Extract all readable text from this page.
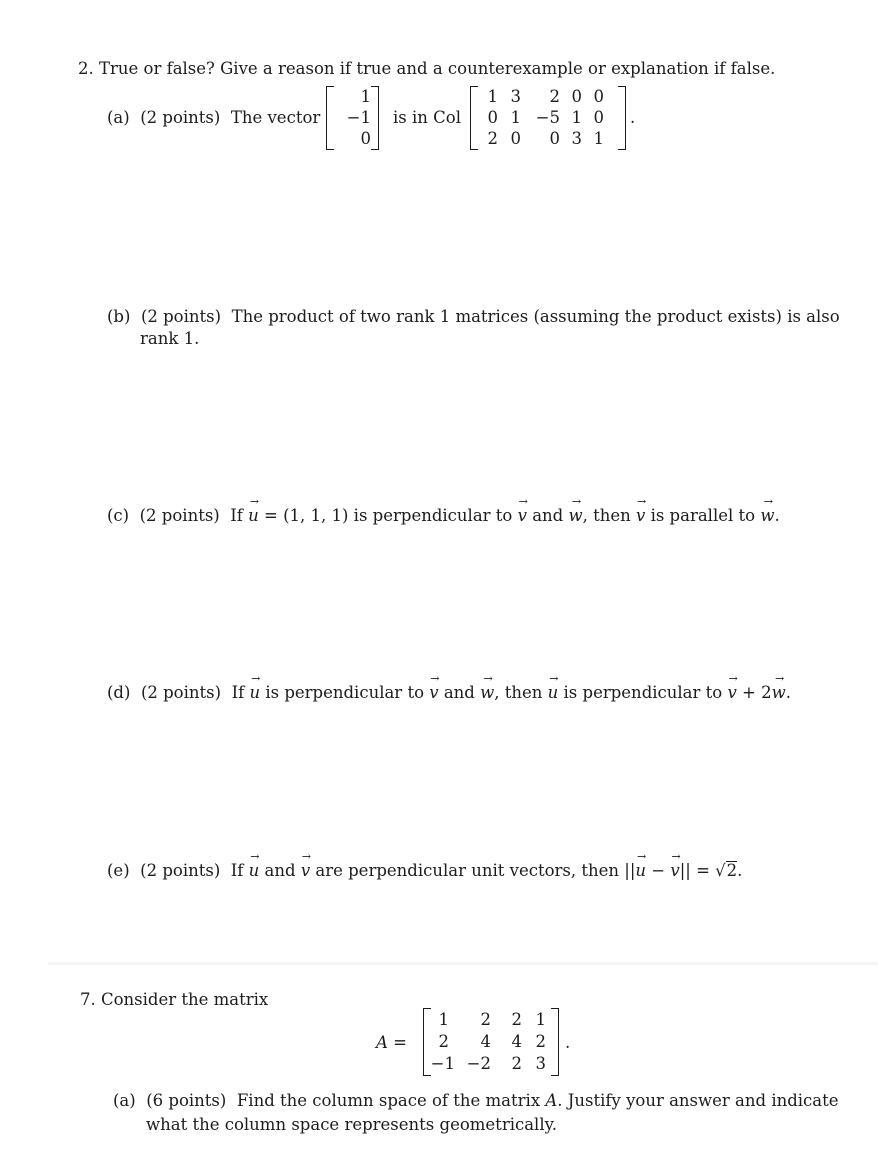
2. True or false? Give a reason if true and a counterexample or explanation if false.
(a) (2 points) The vector
1
−1
0
is in Col
1 3	2 0 0
0 1 −5 1 0
2 0	0 3 1
.
(b) (2 points) The product of two rank 1 matrices (assuming the product exists) is also
rank 1.
(c) (2 points) If → u = (1, 1, 1) is perpendicular to → v and → w, then → v is parallel to → w.
(d) (2 points) If → u is perpendicular to → v and → w, then → u is perpendicular to → v + 2→ w.
(e) (2 points) If → u and → v are perpendicular unit vectors, then ||→ u − → v|| = √2.
7. Consider the matrix
A =
1	2	2 1
2	4	4 2
−1 −2	2 3
.
(a) (6 points) Find the column space of the matrix A. Justify your answer and indicate
what the column space represents geometrically.
